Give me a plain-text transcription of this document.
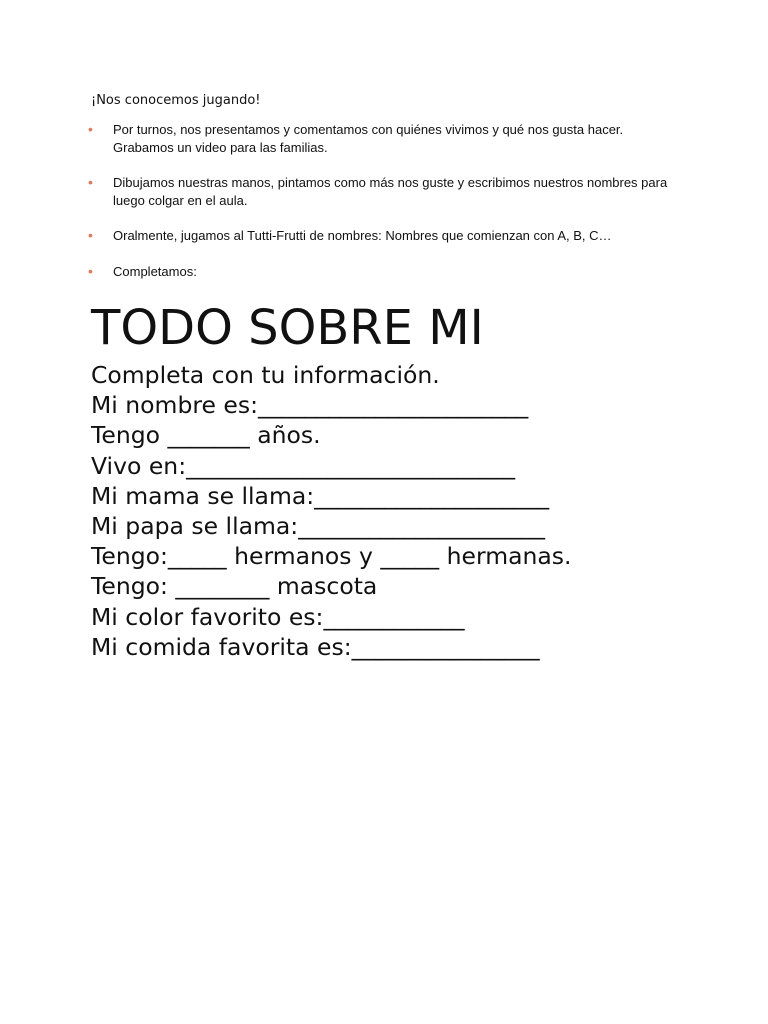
¡Nos conocemos jugando!
• Por turnos, nos presentamos y comentamos con quiénes vivimos y qué nos gusta hacer. Grabamos un video para las familias.
• Dibujamos nuestras manos, pintamos como más nos guste y escribimos nuestros nombres para luego colgar en el aula.
• Oralmente, jugamos al Tutti-Frutti de nombres: Nombres que comienzan con A, B, C…
• Completamos:
TODO SOBRE MI
Completa con tu información.
Mi nombre es:_______________________
Tengo _______ años.
Vivo en:____________________________
Mi mama se llama:____________________
Mi papa se llama:_____________________
Tengo:_____ hermanos y _____ hermanas.
Tengo: ________ mascota
Mi color favorito es:____________
Mi comida favorita es:________________
